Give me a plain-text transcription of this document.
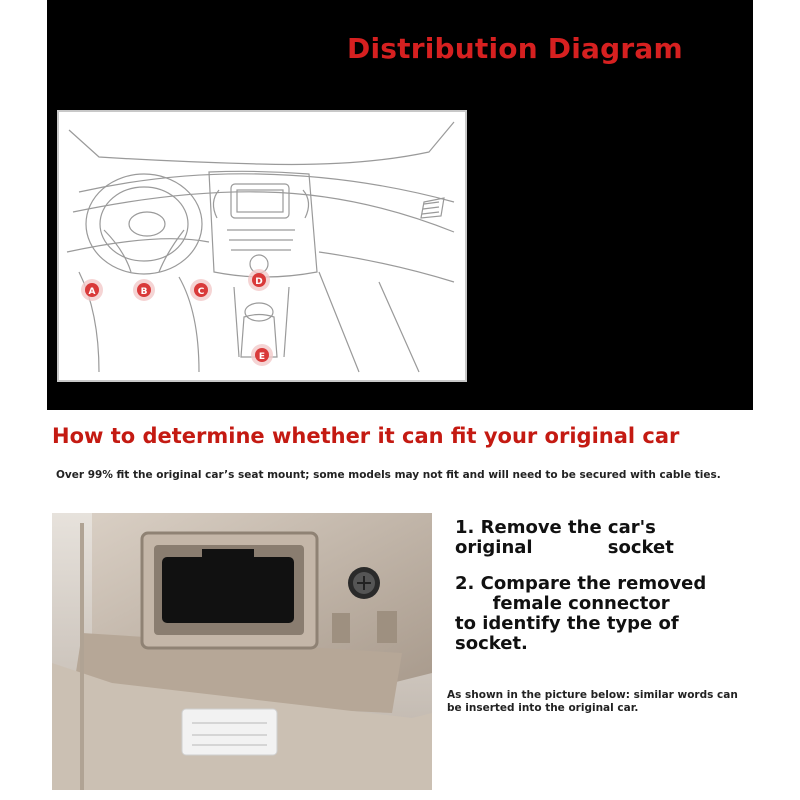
Distribution Diagram
A	B	C
D
E
How to determine whether it can fit your original car
Over 99% fit the original car’s seat mount; some models may not fit and will need to be secured with cable ties.
1. Remove the car's
original            socket
2. Compare the removed
female connector
to identify the type of
socket.
As shown in the picture below: similar words can be inserted into the original car.
